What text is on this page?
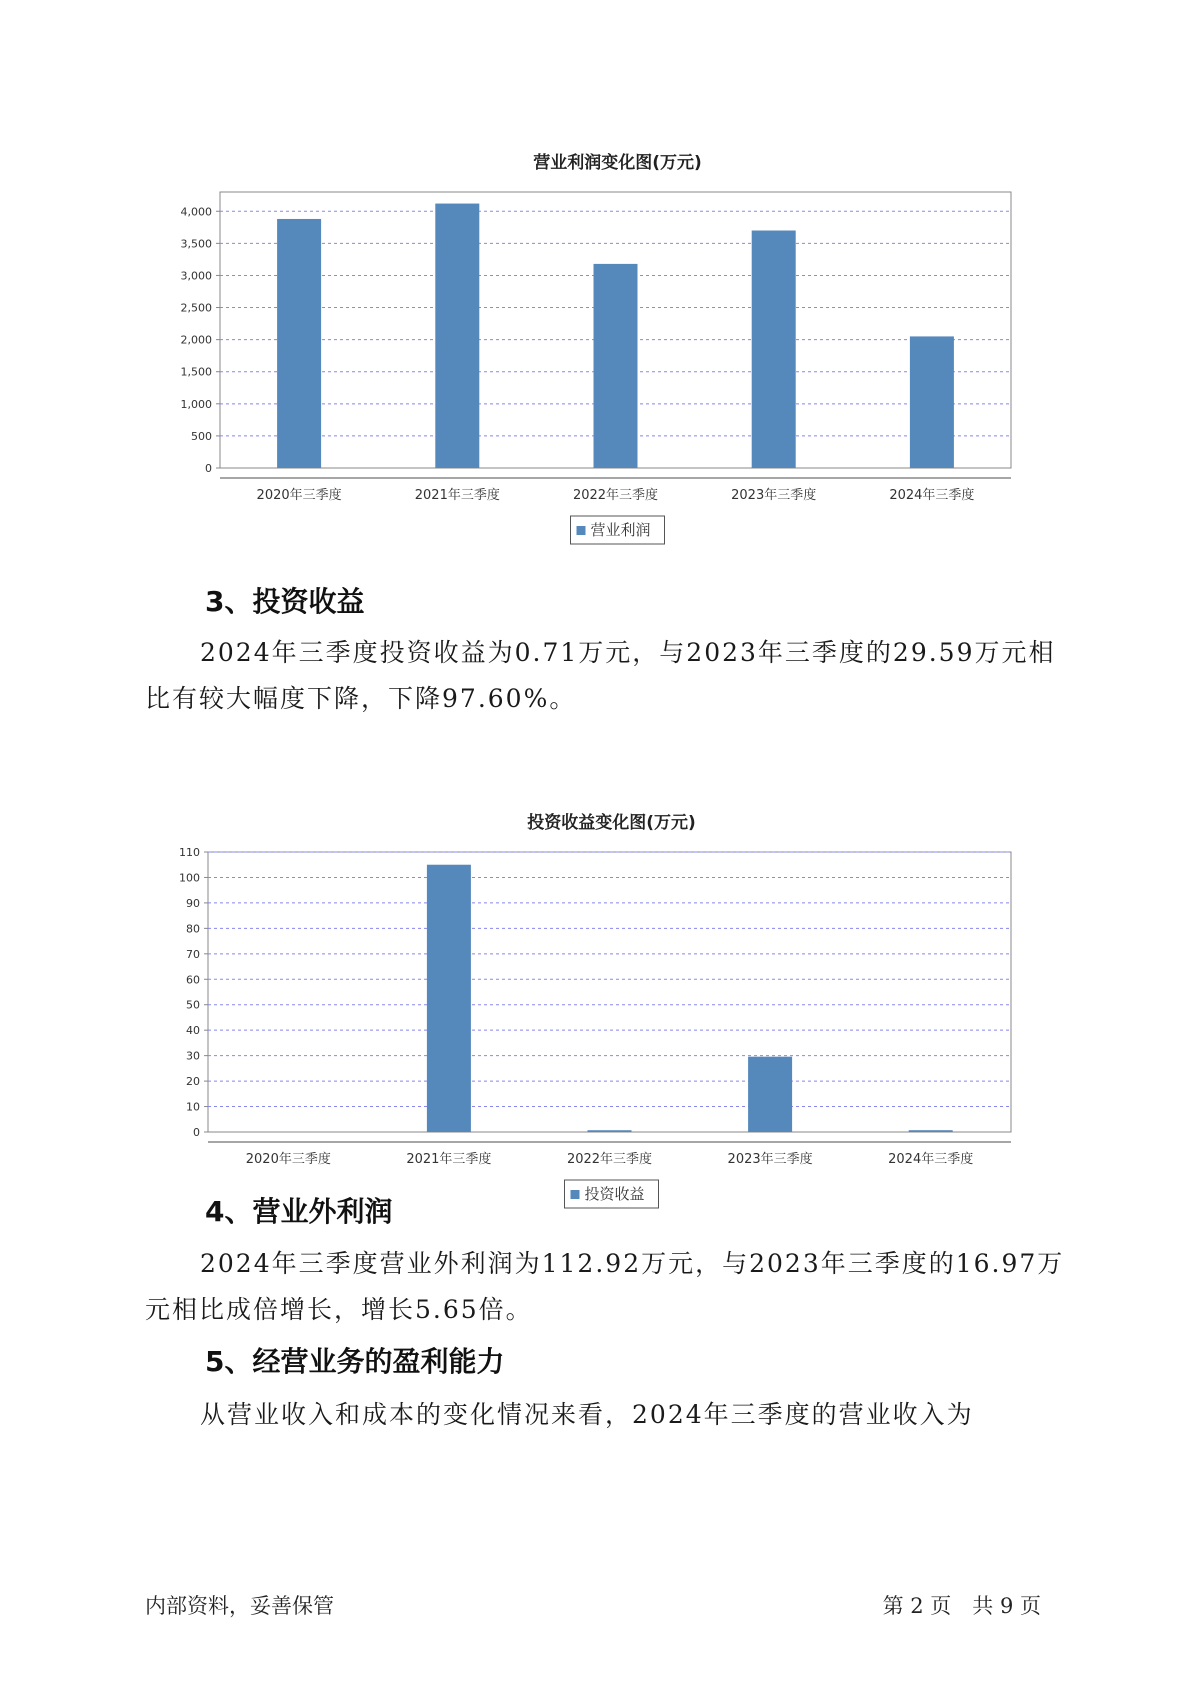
营业利润变化图(万元)
0
500
1,000
1,500
2,000
2,500
3,000
3,500
4,000
2020年三季度	2021年三季度	2022年三季度	2023年三季度	2024年三季度
营业利润
3、投资收益

2024年三季度投资收益为0.71万元，与2023年三季度的29.59万元相比有较大幅度下降，下降97.60%。

投资收益变化图(万元)
0
10
20
30
40
50
60
70
80
90
100
110
2020年三季度	2021年三季度	2022年三季度	2023年三季度	2024年三季度
投资收益
4、营业外利润

2024年三季度营业外利润为112.92万元，与2023年三季度的16.97万元相比成倍增长，增长5.65倍。

5、经营业务的盈利能力

从营业收入和成本的变化情况来看，2024年三季度的营业收入为

内部资料，妥善保管	第 2 页　共 9 页
